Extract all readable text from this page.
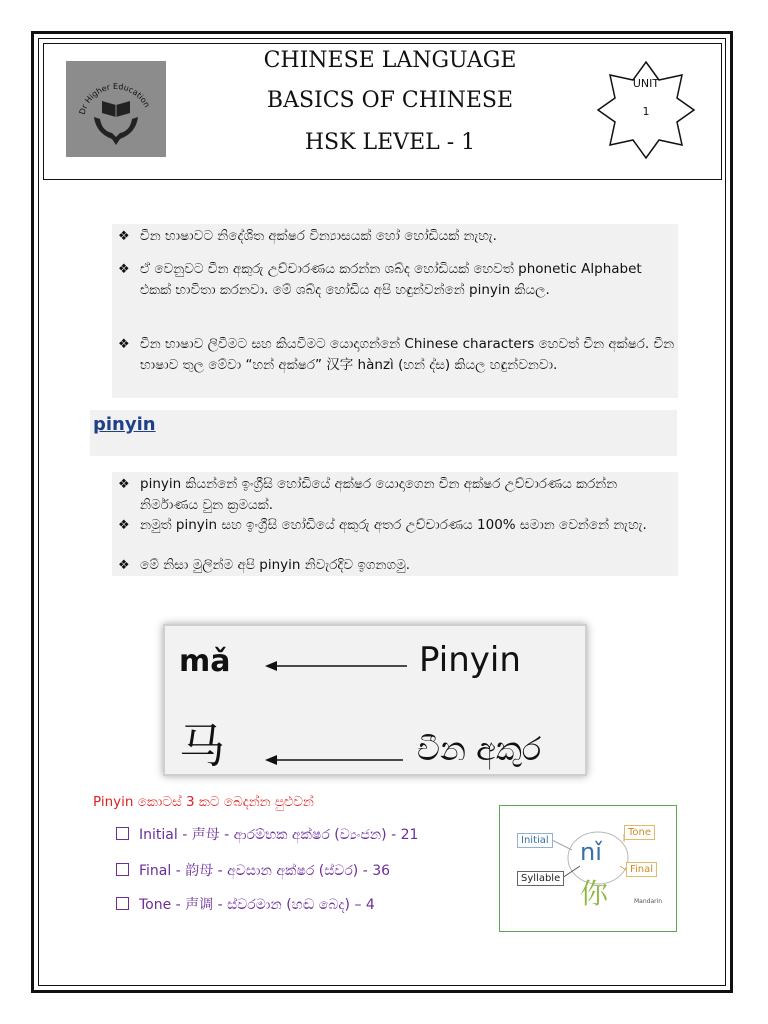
Dr Higher Education
CHINESE LANGUAGE
BASICS OF CHINESE
HSK LEVEL - 1
UNIT
1
❖ චීන භාෂාවට නිදේශිත අක්ෂර වින්‍යාසයක් හෝ හෝඩියක් නැහැ.
❖ ඒ වෙනුවට චීන අකුරු උච්චාරණය කරන්න ශබ්ද හෝඩියක් හෙවත් phonetic Alphabet එකක් භාවිතා කරනවා. මේ ශබ්ද හෝඩිය අපි හඳුන්වන්නේ pinyin කියල.
❖ චීන භාෂාව ලිවීමට සහ කියවීමට යොදාගන්නේ Chinese characters හෙවත් චීන අක්ෂර. චීන භාෂාව තුල මේවා “හන් අක්ෂර” 汉字 hànzì (හන් ද්ස) කියල හඳුන්වනවා.
pinyin
❖ pinyin කියන්නේ ඉංග්‍රීසි හෝඩියේ අක්ෂර යොදාගෙන චීන අක්ෂර උච්චාරණය කරන්න නිර්මාණය වුන ක්‍රමයක්.
❖ නමුත් pinyin සහ ඉංග්‍රීසි හෝඩියේ අකුරු අතර උච්චාරණය 100% සමාන වෙන්නේ නැහැ.
❖ මේ නිසා මුලින්ම අපි pinyin නිවැරදිව ඉගනගමු.
mǎ	Pinyin
马	චීන අකුර
Pinyin කොටස් 3 කට බෙදන්න පුළුවන්
Initial - 声母 - ආරම්භක අක්ෂර (ව්‍යංජන) - 21
Final - 韵母 - අවසාන අක්ෂර (ස්වර) - 36
Tone - 声调 - ස්වරමාන (හඬ බෙද) – 4
Initial
Tone
Syllable
Final
nǐ
你	Mandarin
